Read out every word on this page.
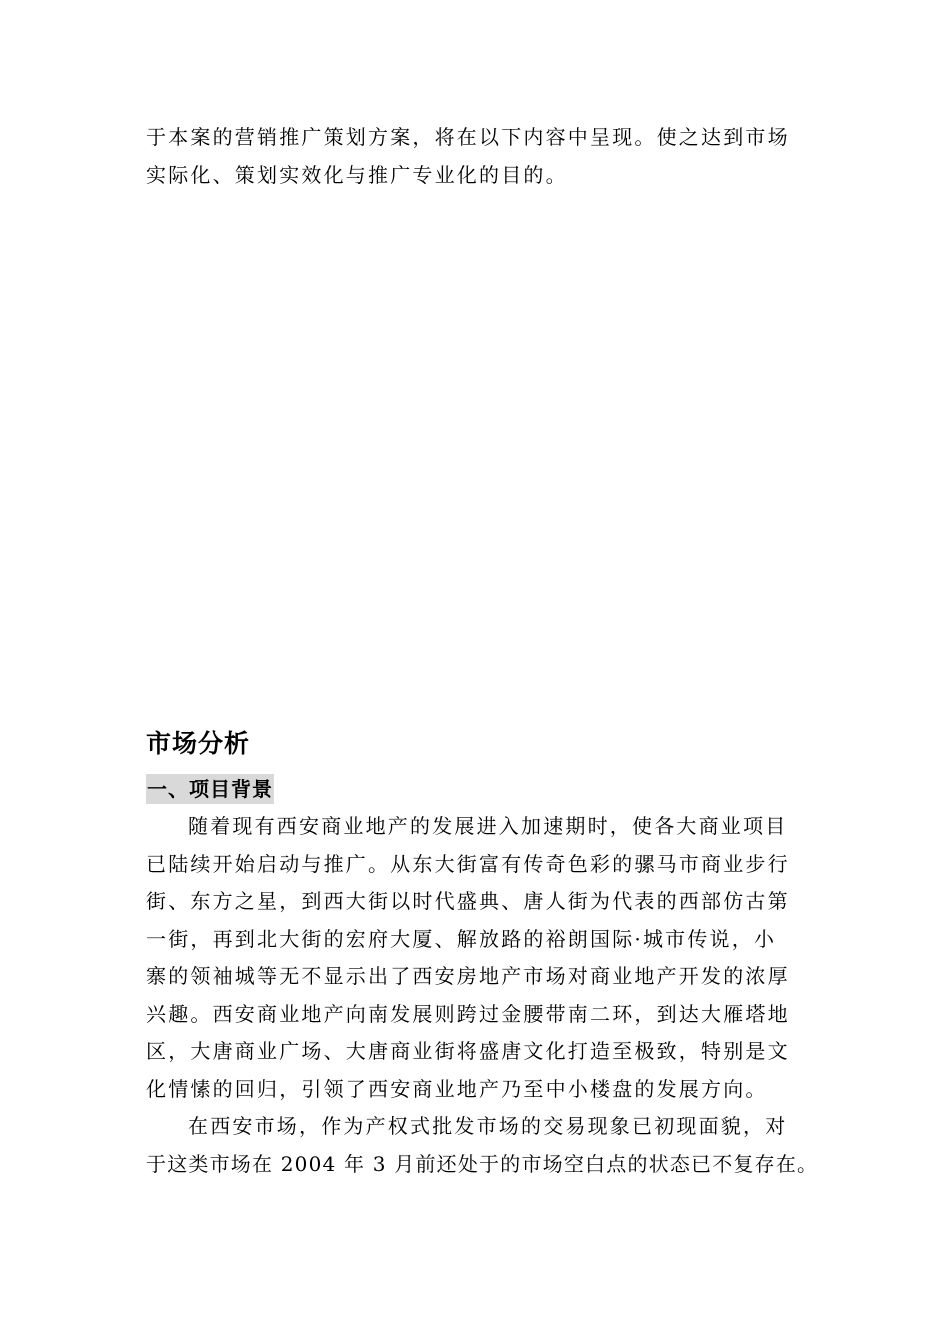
于本案的营销推广策划方案，将在以下内容中呈现。使之达到市场
实际化、策划实效化与推广专业化的目的。
市场分析
一、项目背景
随着现有西安商业地产的发展进入加速期时，使各大商业项目
已陆续开始启动与推广。从东大街富有传奇色彩的骡马市商业步行
街、东方之星，到西大街以时代盛典、唐人街为代表的西部仿古第
一街，再到北大街的宏府大厦、解放路的裕朗国际·城市传说，小
寨的领袖城等无不显示出了西安房地产市场对商业地产开发的浓厚
兴趣。西安商业地产向南发展则跨过金腰带南二环，到达大雁塔地
区，大唐商业广场、大唐商业街将盛唐文化打造至极致，特别是文
化情愫的回归，引领了西安商业地产乃至中小楼盘的发展方向。
在西安市场，作为产权式批发市场的交易现象已初现面貌，对
于这类市场在 2004 年 3 月前还处于的市场空白点的状态已不复存在。
